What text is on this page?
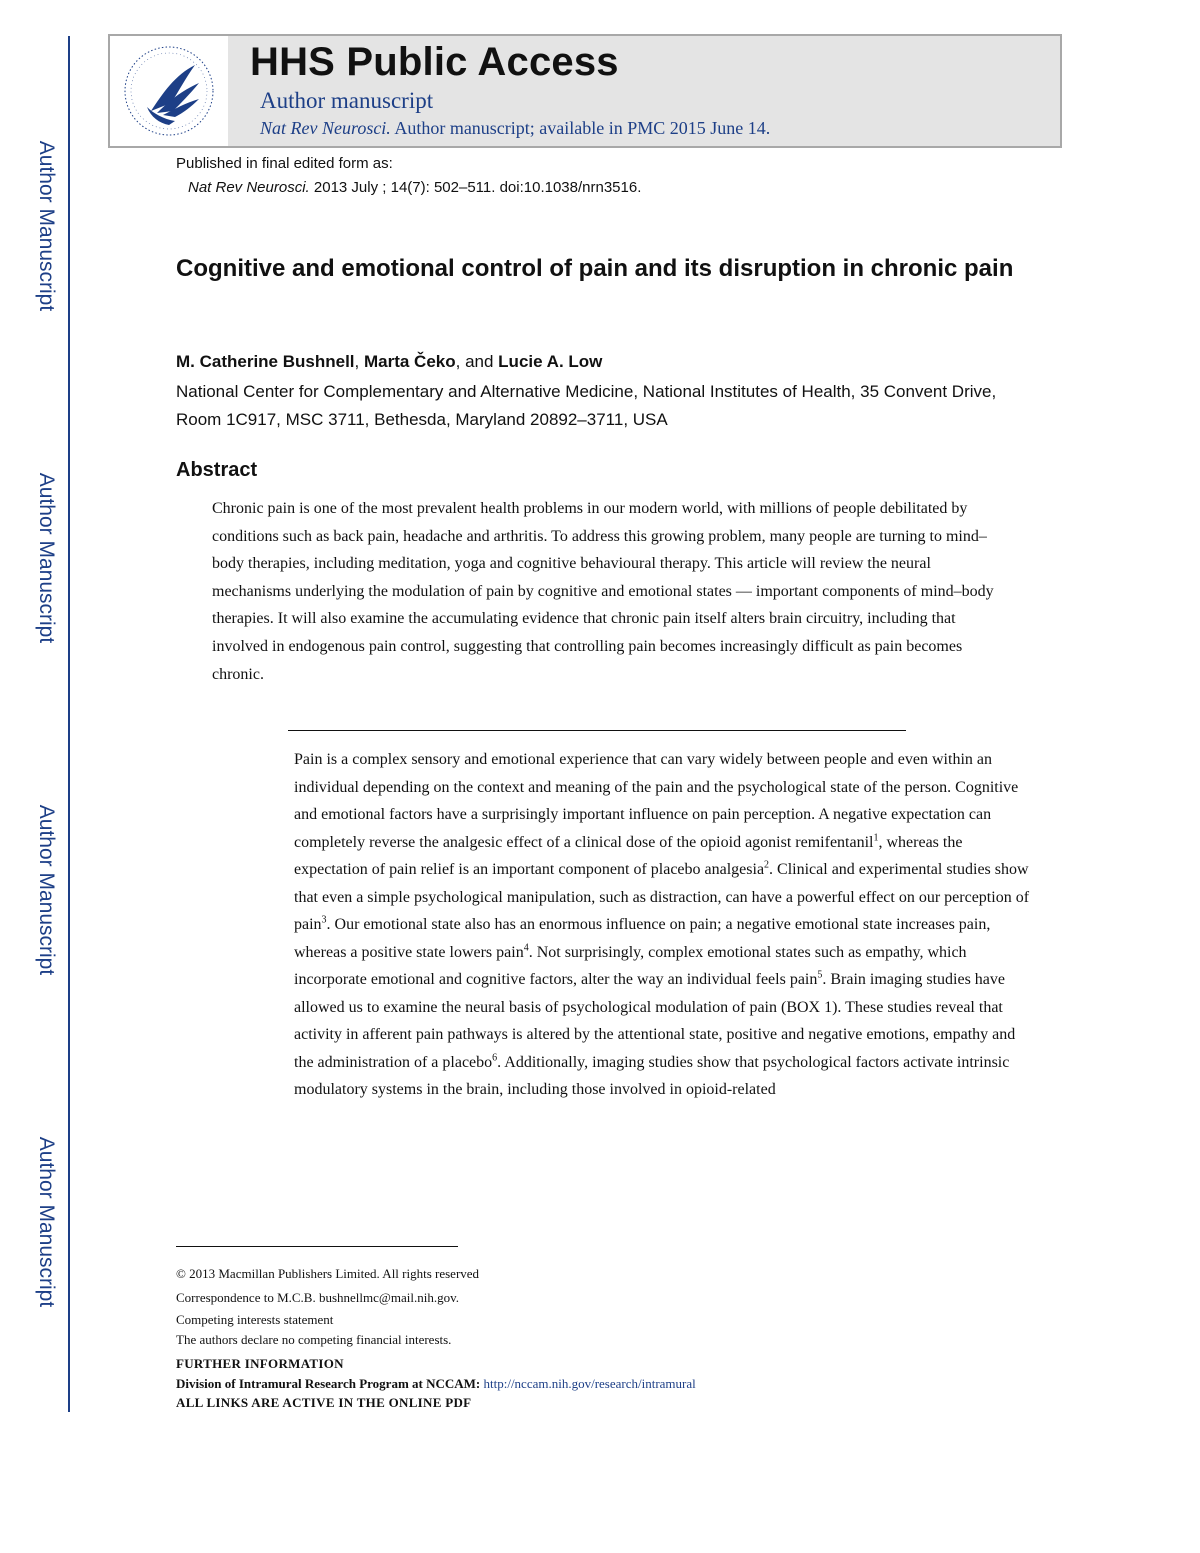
Author Manuscript
Author Manuscript
Author Manuscript
Author Manuscript
HHS Public Access
Author manuscript
Nat Rev Neurosci. Author manuscript; available in PMC 2015 June 14.
Published in final edited form as:
Nat Rev Neurosci. 2013 July ; 14(7): 502–511. doi:10.1038/nrn3516.
Cognitive and emotional control of pain and its disruption in chronic pain
M. Catherine Bushnell, Marta Čeko, and Lucie A. Low
National Center for Complementary and Alternative Medicine, National Institutes of Health, 35 Convent Drive, Room 1C917, MSC 3711, Bethesda, Maryland 20892–3711, USA
Abstract
Chronic pain is one of the most prevalent health problems in our modern world, with millions of people debilitated by conditions such as back pain, headache and arthritis. To address this growing problem, many people are turning to mind–body therapies, including meditation, yoga and cognitive behavioural therapy. This article will review the neural mechanisms underlying the modulation of pain by cognitive and emotional states — important components of mind–body therapies. It will also examine the accumulating evidence that chronic pain itself alters brain circuitry, including that involved in endogenous pain control, suggesting that controlling pain becomes increasingly difficult as pain becomes chronic.
Pain is a complex sensory and emotional experience that can vary widely between people and even within an individual depending on the context and meaning of the pain and the psychological state of the person. Cognitive and emotional factors have a surprisingly important influence on pain perception. A negative expectation can completely reverse the analgesic effect of a clinical dose of the opioid agonist remifentanil$^1$, whereas the expectation of pain relief is an important component of placebo analgesia$^2$. Clinical and experimental studies show that even a simple psychological manipulation, such as distraction, can have a powerful effect on our perception of pain$^3$. Our emotional state also has an enormous influence on pain; a negative emotional state increases pain, whereas a positive state lowers pain$^4$. Not surprisingly, complex emotional states such as empathy, which incorporate emotional and cognitive factors, alter the way an individual feels pain$^5$. Brain imaging studies have allowed us to examine the neural basis of psychological modulation of pain (BOX 1). These studies reveal that activity in afferent pain pathways is altered by the attentional state, positive and negative emotions, empathy and the administration of a placebo$^6$. Additionally, imaging studies show that psychological factors activate intrinsic modulatory systems in the brain, including those involved in opioid-related
© 2013 Macmillan Publishers Limited. All rights reserved
Correspondence to M.C.B. bushnellmc@mail.nih.gov.
Competing interests statement
The authors declare no competing financial interests.
FURTHER INFORMATION
Division of Intramural Research Program at NCCAM: http://nccam.nih.gov/research/intramural
ALL LINKS ARE ACTIVE IN THE ONLINE PDF
